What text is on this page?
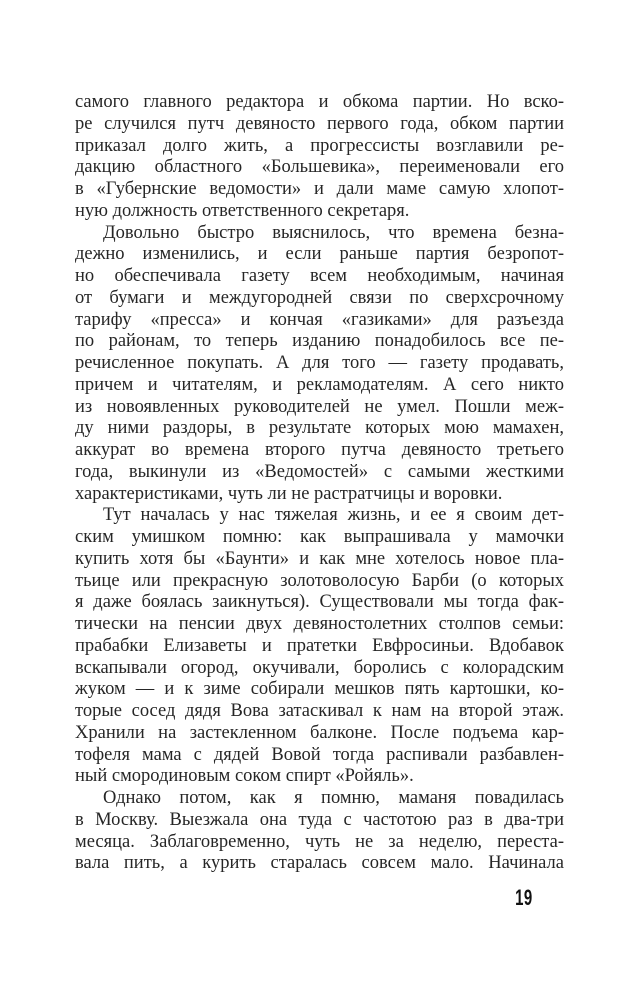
самого главного редактора и обкома партии. Но вско-
ре случился путч девяносто первого года, обком партии
приказал долго жить, а прогрессисты возглавили ре-
дакцию областного «Большевика», переименовали его
в «Губернские ведомости» и дали маме самую хлопот-
ную должность ответственного секретаря.
Довольно быстро выяснилось, что времена безна-
дежно изменились, и если раньше партия безропот-
но обеспечивала газету всем необходимым, начиная
от бумаги и междугородней связи по сверхсрочному
тарифу «пресса» и кончая «газиками» для разъезда
по районам, то теперь изданию понадобилось все пе-
речисленное покупать. А для того — газету продавать,
причем и читателям, и рекламодателям. А сего никто
из новоявленных руководителей не умел. Пошли меж-
ду ними раздоры, в результате которых мою мамахен,
аккурат во времена второго путча девяносто третьего
года, выкинули из «Ведомостей» с самыми жесткими
характеристиками, чуть ли не растратчицы и воровки.
Тут началась у нас тяжелая жизнь, и ее я своим дет-
ским умишком помню: как выпрашивала у мамочки
купить хотя бы «Баунти» и как мне хотелось новое пла-
тьице или прекрасную золотоволосую Барби (о которых
я даже боялась заикнуться). Существовали мы тогда фак-
тически на пенсии двух девяностолетних столпов семьи:
прабабки Елизаветы и пратетки Евфросиньи. Вдобавок
вскапывали огород, окучивали, боролись с колорадским
жуком — и к зиме собирали мешков пять картошки, ко-
торые сосед дядя Вова затаскивал к нам на второй этаж.
Хранили на застекленном балконе. После подъема кар-
тофеля мама с дядей Вовой тогда распивали разбавлен-
ный смородиновым соком спирт «Ройяль».
Однако потом, как я помню, маманя повадилась
в Москву. Выезжала она туда с частотою раз в два-три
месяца. Заблаговременно, чуть не за неделю, переста-
вала пить, а курить старалась совсем мало. Начинала
19
